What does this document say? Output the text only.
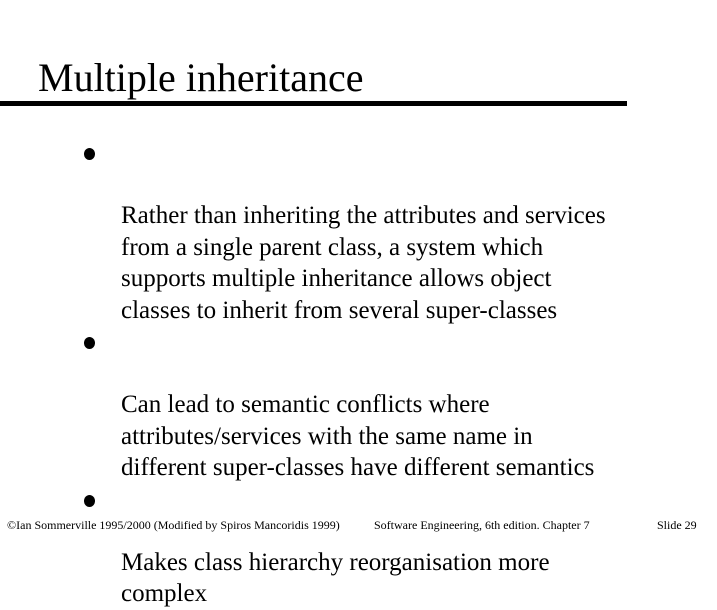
Multiple inheritance

Rather than inheriting the attributes and services
from a single parent class, a system which
supports multiple inheritance allows object
classes to inherit from several super-classes

Can lead to semantic conflicts where
attributes/services with the same name in
different super-classes have different semantics

Makes class hierarchy reorganisation more
complex

©Ian Sommerville 1995/2000 (Modified by Spiros Mancoridis 1999)	Software Engineering, 6th edition. Chapter 7	Slide 29
